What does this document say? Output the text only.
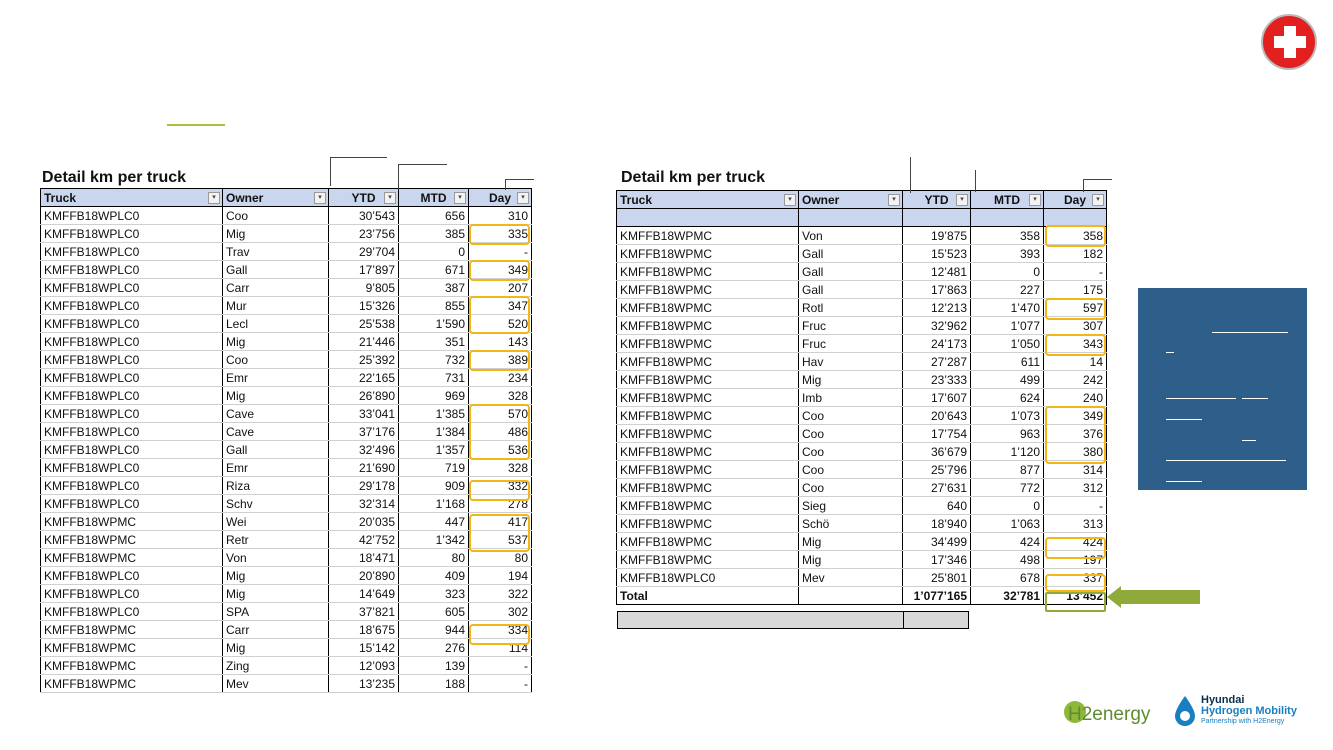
Detail km per truck
Truck ▾	Owner ▾	YTD ▾	MTD ▾	Day ▾

KMFFB18WPLC0	Coo	30’543	656	310
KMFFB18WPLC0	Mig	23’756	385	335
KMFFB18WPLC0	Trav	29’704	0	-
KMFFB18WPLC0	Gall	17’897	671	349
KMFFB18WPLC0	Carr	9’805	387	207
KMFFB18WPLC0	Mur	15’326	855	347
KMFFB18WPLC0	Lecl	25’538	1’590	520
KMFFB18WPLC0	Mig	21’446	351	143
KMFFB18WPLC0	Coo	25’392	732	389
KMFFB18WPLC0	Emr	22’165	731	234
KMFFB18WPLC0	Mig	26’890	969	328
KMFFB18WPLC0	Cave	33’041	1’385	570
KMFFB18WPLC0	Cave	37’176	1’384	486
KMFFB18WPLC0	Gall	32’496	1’357	536
KMFFB18WPLC0	Emr	21’690	719	328
KMFFB18WPLC0	Riza	29’178	909	332
KMFFB18WPLC0	Schv	32’314	1’168	278
KMFFB18WPMC	Wei	20’035	447	417
KMFFB18WPMC	Retr	42’752	1’342	537
KMFFB18WPMC	Von	18’471	80	80
KMFFB18WPLC0	Mig	20’890	409	194
KMFFB18WPLC0	Mig	14’649	323	322
KMFFB18WPLC0	SPA	37’821	605	302
KMFFB18WPMC	Carr	18’675	944	334
KMFFB18WPMC	Mig	15’142	276	114
KMFFB18WPMC	Zing	12’093	139	-
KMFFB18WPMC	Mev	13’235	188	-
Detail km per truck
Truck ▾	Owner ▾	YTD ▾	MTD ▾	Day ▾

KMFFB18WPMC	Von	19’875	358	358
KMFFB18WPMC	Gall	15’523	393	182
KMFFB18WPMC	Gall	12’481	0	-
KMFFB18WPMC	Gall	17’863	227	175
KMFFB18WPMC	Rotl	12’213	1’470	597
KMFFB18WPMC	Fruc	32’962	1’077	307
KMFFB18WPMC	Fruc	24’173	1’050	343
KMFFB18WPMC	Hav	27’287	611	14
KMFFB18WPMC	Mig	23’333	499	242
KMFFB18WPMC	Imb	17’607	624	240
KMFFB18WPMC	Coo	20’643	1’073	349
KMFFB18WPMC	Coo	17’754	963	376
KMFFB18WPMC	Coo	36’679	1’120	380
KMFFB18WPMC	Coo	25’796	877	314
KMFFB18WPMC	Coo	27’631	772	312
KMFFB18WPMC	Sieg	640	0	-
KMFFB18WPMC	Schö	18’940	1’063	313
KMFFB18WPMC	Mig	34’499	424	424
KMFFB18WPMC	Mig	17’346	498	197
KMFFB18WPLC0	Mev	25’801	678	337
Total		1’077’165	32’781	13’452
H2energy
Hyundai
Hydrogen Mobility
Partnership with H2Energy
